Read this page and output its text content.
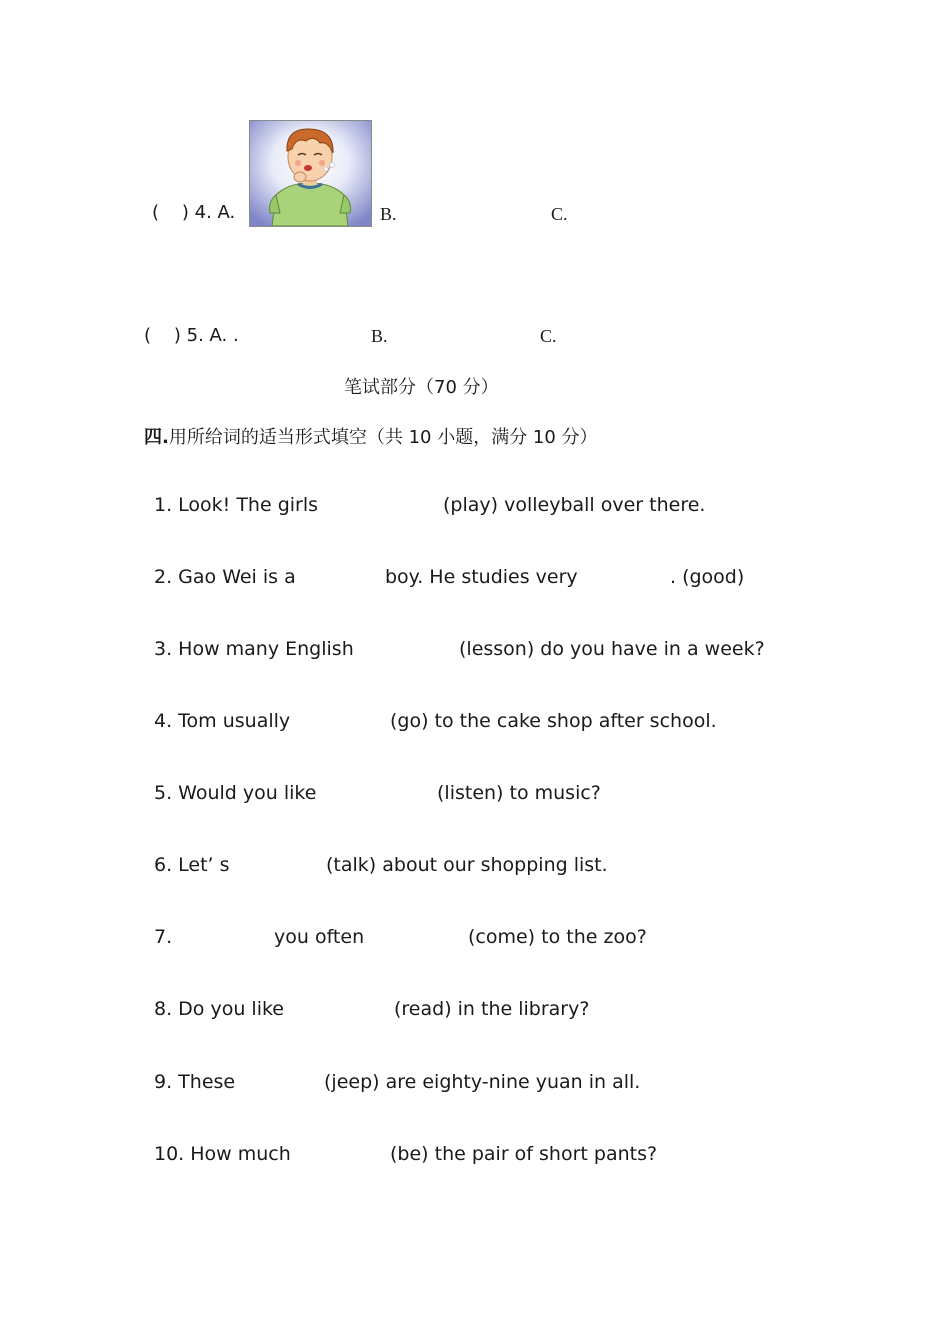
(    ) 4. A.	B.	C.
(    ) 5. A. .	B.	C.
笔试部分（70 分）
四.用所给词的适当形式填空（共 10 小题，满分 10 分）

1. Look! The girls

	(play) volleyball over there.

2. Gao Wei is a

	boy. He studies very

	. (good)

3. How many English

	(lesson) do you have in a week?

4. Tom usually

	(go) to the cake shop after school.

5. Would you like

	(listen) to music?

6. Let’ s

	(talk) about our shopping list.

7.

	you often

	(come) to the zoo?

8. Do you like

	(read) in the library?

9. These

	(jeep) are eighty-nine yuan in all.

10. How much

	(be) the pair of short pants?
